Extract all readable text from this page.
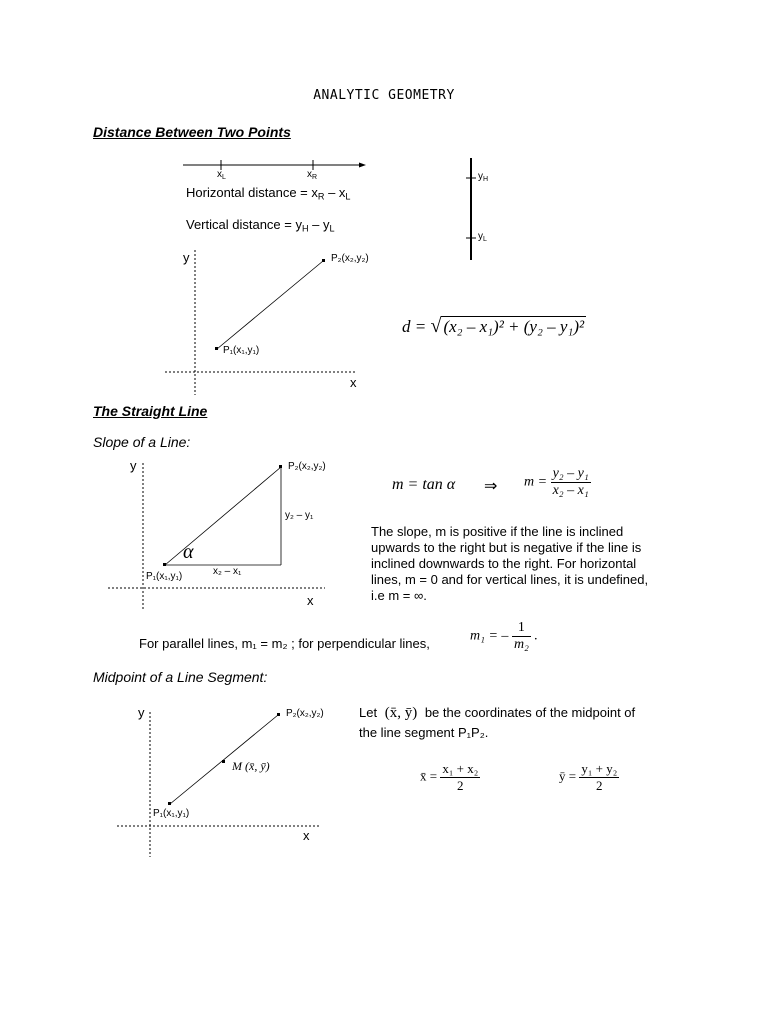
ANALYTIC GEOMETRY
Distance Between Two Points
$x_L$	$x_R$	$y_H$
$y_L$
Horizontal distance = $x_R - x_L$
Vertical distance = $y_H - y_L$
y
x
P₁(x₁,y₁)
P₂(x₂,y₂)
d = √ (x₂ – x₁)² + (y₂ – y₁)²
The Straight Line
Slope of a Line:
y
x
P₂(x₂,y₂)
P₁(x₁,y₁)
y₂ – y₁
x₂ – x₁
α
m = tan α ⇒ $m = \frac{\text{y₂ – y₁}}{\text{x₂ – x₁}}$
The slope, m is positive if the line is inclined
upwards to the right but is negative if the line is
inclined downwards to the right. For horizontal
lines, m = 0 and for vertical lines, it is undefined,
i.e m = ∞.
For parallel lines, m₁ = m₂ ; for perpendicular lines,	m₁ = – $\frac{1}{\text{m₂}}$ .
Midpoint of a Line Segment:
y
x
P₂(x₂,y₂)
P₁(x₁,y₁)
M (x̄, ȳ)
Let (x̄, ȳ) be the coordinates of the midpoint of
the line segment P₁P₂.
x̄ = $\frac{\text{x₁ + x₂}}{2}$	ȳ = $\frac{\text{y₁ + y₂}}{2}$
